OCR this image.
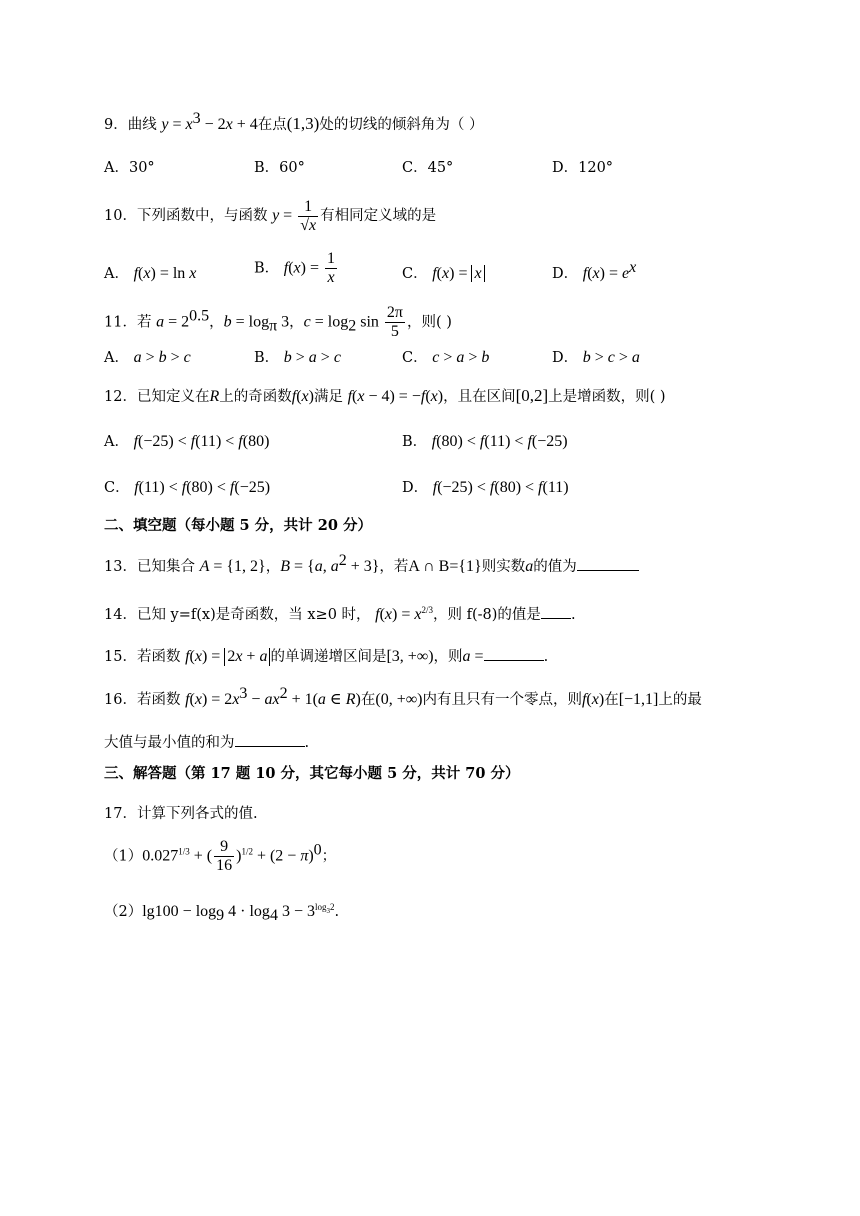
9．曲线 $y = x^3 - 2x + 4$在点(1,3)处的切线的倾斜角为（ ）
A．30°	B．60°	C．45°	D．120°
10．下列函数中，与函数 $y = \frac{1}{√x}$ 有相同定义域的是
A． f(x) = ln x	B． $f(x) = \frac{1}{x}$	C． f(x) = x	D． $f(x) = e^x$
11．若 $a = 2^{0.5}$，$b = \log_\pi 3$，$c = \log_2 \sin \frac{2\pi}{5}$ ，则( )
A． a > b > c	B． b > a > c	C． c > a > b	D． b > c > a
12．已知定义在R上的奇函数f(x)满足 f(x − 4) = −f(x)，且在区间[0,2]上是增函数，则( )
A． f(−25) < f(11) < f(80)	B． f(80) < f(11) < f(−25)
C． f(11) < f(80) < f(−25)	D． f(−25) < f(80) < f(11)
二、填空题（每小题 5 分，共计 20 分）
13．已知集合 A = {1, 2}，B = {a, $a^2 + 3$}，若A ∩ B={1}则实数a的值为
14．已知 y=f(x)是奇函数，当 x≥0 时， $f(x) = x^{2/3}$，则 f(-8)的值是 .
15．若函数 f(x) = 2x + a 的单调递增区间是[3, +∞)，则a =	.
16．若函数 $f(x) = 2x^3 - ax^2 + 1(a$ ∈ R)在(0, +∞)内有且只有一个零点，则f(x)在[−1,1]上的最
大值与最小值的和为	.
三、解答题（第 17 题 10 分，其它每小题 5 分，共计 70 分）
17．计算下列各式的值.
$(1)0.027^{1/3}$ + ( $\frac{9}{16} )^{1/2} + (2 - \pi)^0$；
$(2)\lg 100 - \log_9 4 \cdot \log_4 3 - 3^{log_32}$.
